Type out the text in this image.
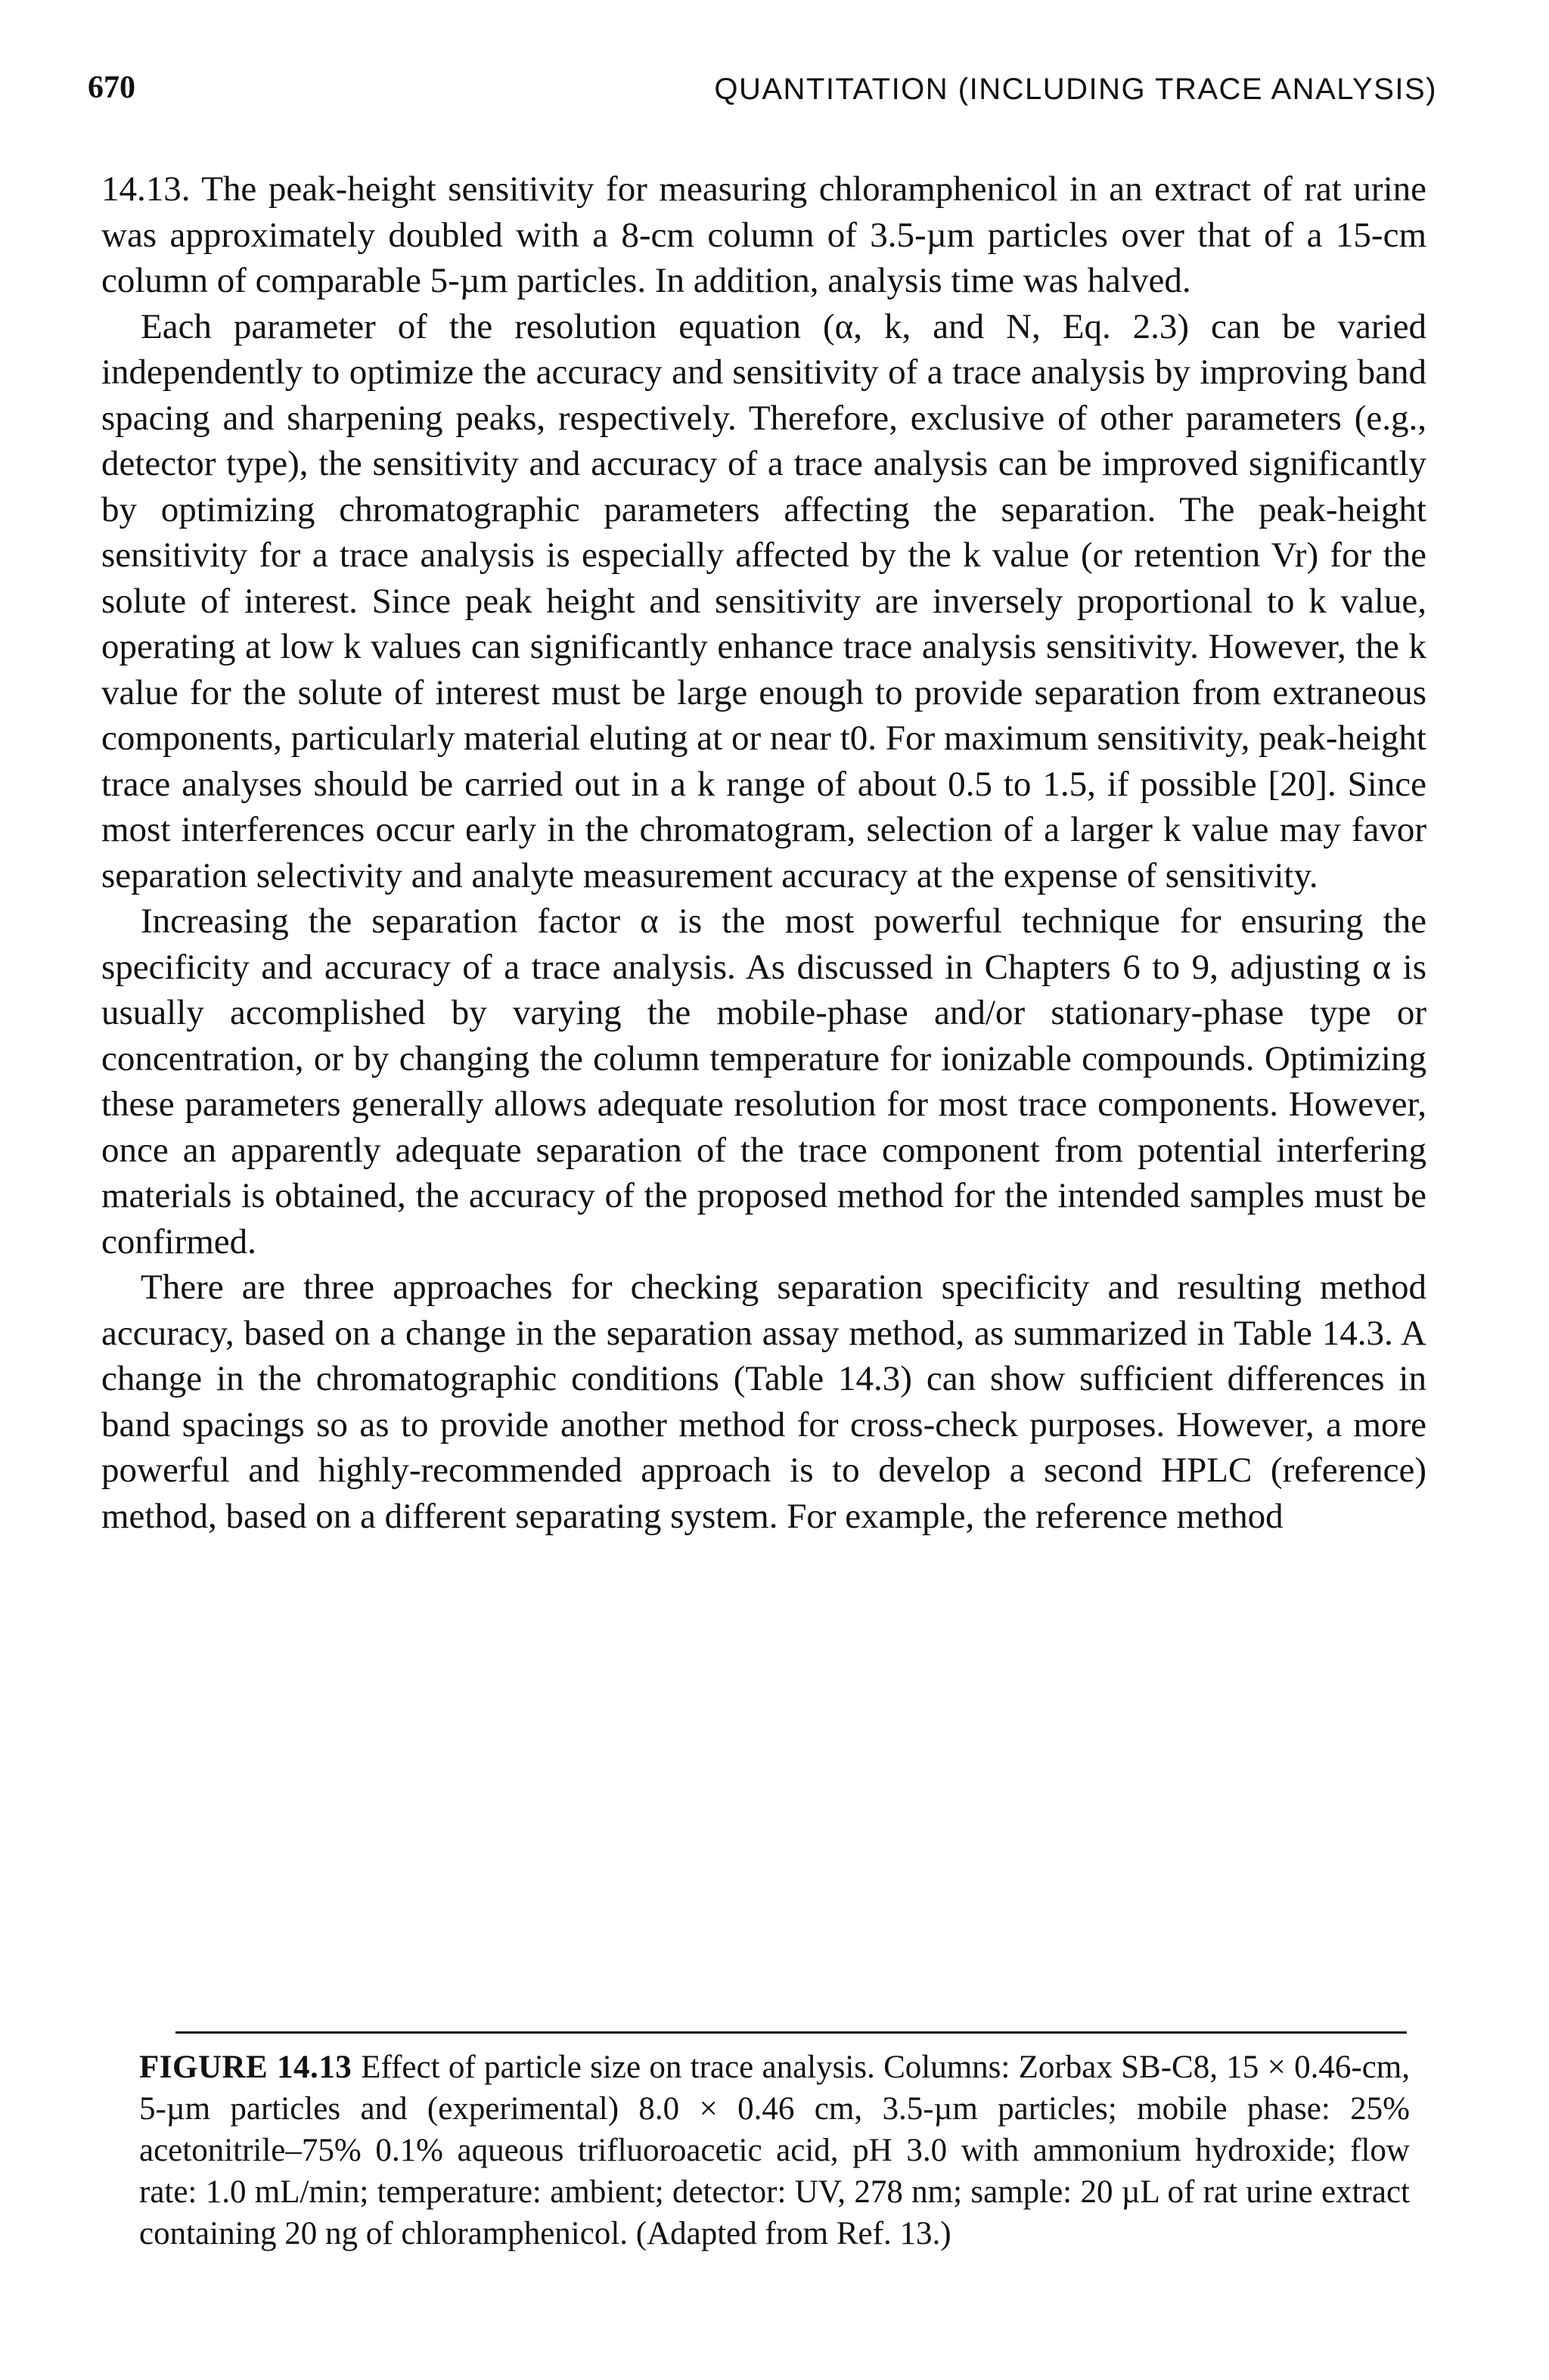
670	QUANTITATION (INCLUDING TRACE ANALYSIS)

14.13. The peak-height sensitivity for measuring chloramphenicol in an extract of rat urine was approximately doubled with a 8-cm column of 3.5-µm particles over that of a 15-cm column of comparable 5-µm particles. In addition, analysis time was halved.

Each parameter of the resolution equation (α, k, and N, Eq. 2.3) can be varied independently to optimize the accuracy and sensitivity of a trace analysis by improving band spacing and sharpening peaks, respectively. Therefore, exclusive of other parameters (e.g., detector type), the sensitivity and accuracy of a trace analysis can be improved significantly by optimizing chromatographic parameters affecting the separation. The peak-height sensitivity for a trace analysis is especially affected by the k value (or retention Vr) for the solute of interest. Since peak height and sensitivity are inversely proportional to k value, operating at low k values can significantly enhance trace analysis sensitivity. However, the k value for the solute of interest must be large enough to provide separation from extraneous components, particularly material eluting at or near t0. For maximum sensitivity, peak-height trace analyses should be carried out in a k range of about 0.5 to 1.5, if possible [20]. Since most interferences occur early in the chromatogram, selection of a larger k value may favor separation selectivity and analyte measurement accuracy at the expense of sensitivity.

Increasing the separation factor α is the most powerful technique for ensuring the specificity and accuracy of a trace analysis. As discussed in Chapters 6 to 9, adjusting α is usually accomplished by varying the mobile-phase and/or stationary-phase type or concentration, or by changing the column temperature for ionizable compounds. Optimizing these parameters generally allows adequate resolution for most trace components. However, once an apparently adequate separation of the trace component from potential interfering materials is obtained, the accuracy of the proposed method for the intended samples must be confirmed.

There are three approaches for checking separation specificity and resulting method accuracy, based on a change in the separation assay method, as summarized in Table 14.3. A change in the chromatographic conditions (Table 14.3) can show sufficient differences in band spacings so as to provide another method for cross-check purposes. However, a more powerful and highly-recommended approach is to develop a second HPLC (reference) method, based on a different separating system. For example, the reference method

FIGURE 14.13 Effect of particle size on trace analysis. Columns: Zorbax SB-C8, 15 × 0.46-cm, 5-µm particles and (experimental) 8.0 × 0.46 cm, 3.5-µm particles; mobile phase: 25% acetonitrile–75% 0.1% aqueous trifluoroacetic acid, pH 3.0 with ammonium hydroxide; flow rate: 1.0 mL/min; temperature: ambient; detector: UV, 278 nm; sample: 20 µL of rat urine extract containing 20 ng of chloramphenicol. (Adapted from Ref. 13.)
